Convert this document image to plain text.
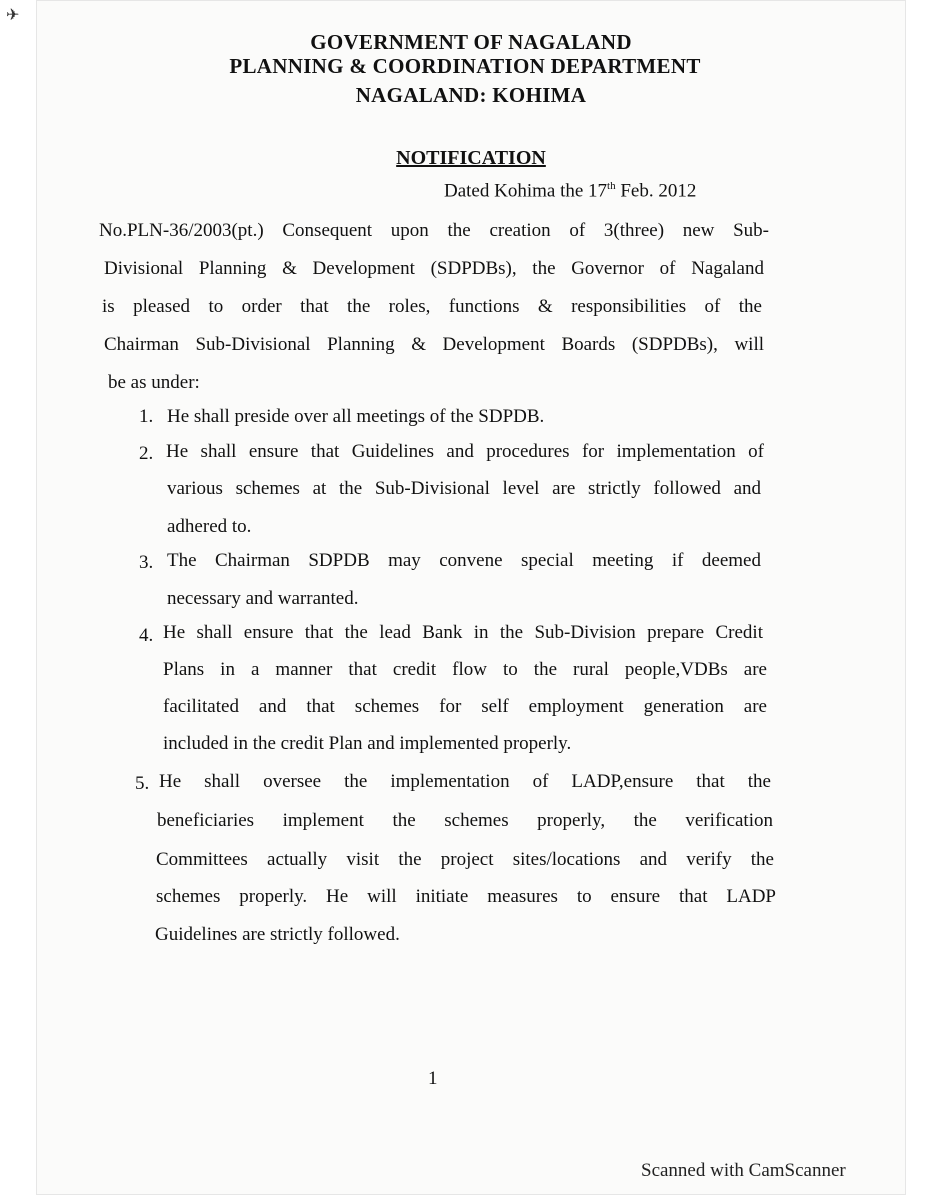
✈
GOVERNMENT OF NAGALAND
PLANNING & COORDINATION DEPARTMENT
NAGALAND: KOHIMA
NOTIFICATION
Dated Kohima the 17th Feb. 2012
No.PLN-36/2003(pt.) Consequent upon the creation of 3(three) new Sub-
Divisional Planning & Development (SDPDBs), the Governor of Nagaland
is pleased to order that the roles, functions & responsibilities of the
Chairman Sub-Divisional Planning & Development Boards (SDPDBs), will
be as under:
1. He shall preside over all meetings of the SDPDB.
2. He shall ensure that Guidelines and procedures for implementation of
various schemes at the Sub-Divisional level are strictly followed and
adhered to.
3. The Chairman SDPDB may convene special meeting if deemed
necessary and warranted.
4. He shall ensure that the lead Bank in the Sub-Division prepare Credit
Plans in a manner that credit flow to the rural people,VDBs are
facilitated and that schemes for self employment generation are
included in the credit Plan and implemented properly.
5. He shall oversee the implementation of LADP,ensure that the
beneficiaries implement the schemes properly, the verification
Committees actually visit the project sites/locations and verify the
schemes properly. He will initiate measures to ensure that LADP
Guidelines are strictly followed.
1
Scanned with CamScanner
